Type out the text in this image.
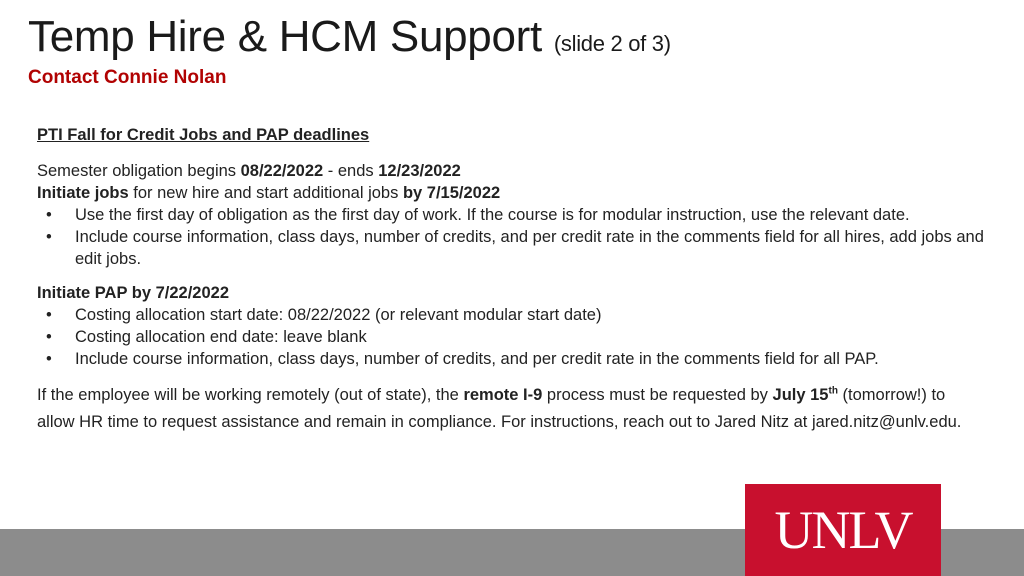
Temp Hire & HCM Support (slide 2 of 3)

Contact Connie Nolan

PTI Fall for Credit Jobs and PAP deadlines

Semester obligation begins 08/22/2022 - ends 12/23/2022

Initiate jobs for new hire and start additional jobs by 7/15/2022

• Use the first day of obligation as the first day of work. If the course is for modular instruction, use the relevant date.
• Include course information, class days, number of credits, and per credit rate in the comments field for all hires, add jobs and edit jobs.

Initiate PAP by 7/22/2022

• Costing allocation start date: 08/22/2022 (or relevant modular start date)
• Costing allocation end date: leave blank
• Include course information, class days, number of credits, and per credit rate in the comments field for all PAP.

If the employee will be working remotely (out of state), the remote I-9 process must be requested by July 15th (tomorrow!) to allow HR time to request assistance and remain in compliance. For instructions, reach out to Jared Nitz at jared.nitz@unlv.edu.

UNLV
